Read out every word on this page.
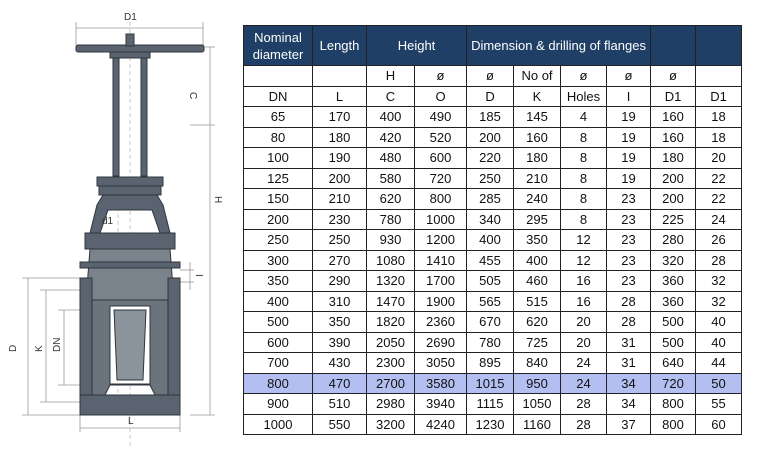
D1
C
H
d1
I
D K DN
L
Nominal diameter	Length	Height		Dimension & drilling of flanges					
		H	ø	ø	No of	ø	ø	ø	
DN	L	C	O	D	K	Holes	I	D1	D1
65	170	400	490	185	145	4	19	160	18
80	180	420	520	200	160	8	19	160	18
100	190	480	600	220	180	8	19	180	20
125	200	580	720	250	210	8	19	200	22
150	210	620	800	285	240	8	23	200	22
200	230	780	1000	340	295	8	23	225	24
250	250	930	1200	400	350	12	23	280	26
300	270	1080	1410	455	400	12	23	320	28
350	290	1320	1700	505	460	16	23	360	32
400	310	1470	1900	565	515	16	28	360	32
500	350	1820	2360	670	620	20	28	500	40
600	390	2050	2690	780	725	20	31	500	40
700	430	2300	3050	895	840	24	31	640	44
800	470	2700	3580	1015	950	24	34	720	50
900	510	2980	3940	1115	1050	28	34	800	55
1000	550	3200	4240	1230	1160	28	37	800	60
